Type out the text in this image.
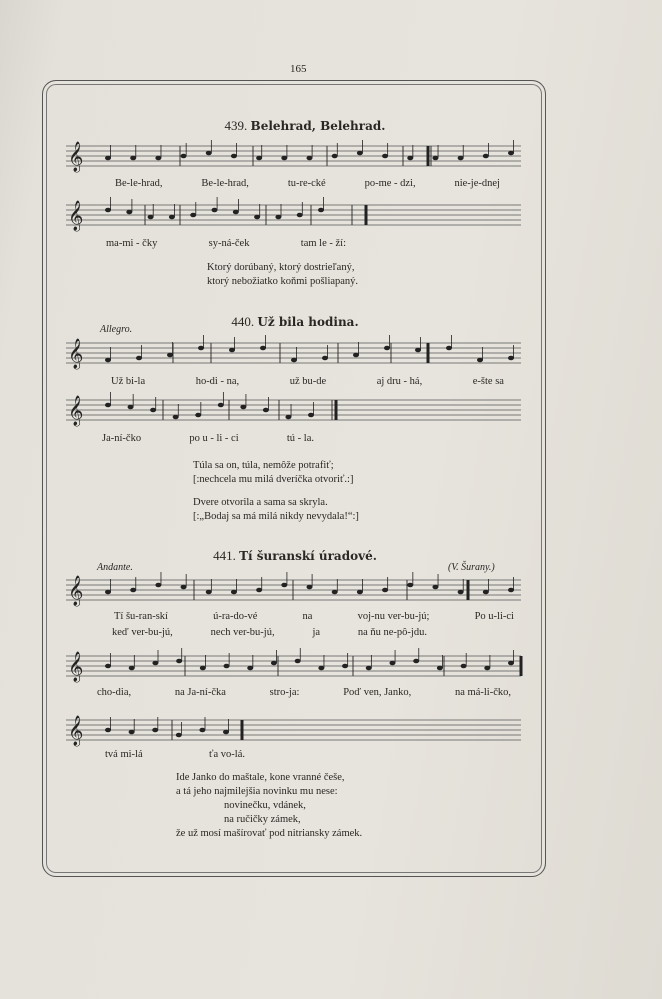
165
439. Belehrad, Belehrad.
𝄞
Be-le-hrad,	Be-le-hrad,	tu-re-cké	po-me - dzi,	nie-je-dnej
𝄞
ma-mi - čky	sy-ná-ček	tam le - ží:
Ktorý dorúbaný, ktorý dostrieľaný,
ktorý nebožiatko koňmi pošliapaný.
440. Už bila hodina.
Allegro.
𝄞
Už bi-la	ho-di - na,	už bu-de	aj dru - há,	e-šte sa
𝄞
Ja-ní-čko	po u - li - ci	tú - la.
Túla sa on, túla, nemôže potrafiť;
[:nechcela mu milá dveríčka otvoriť.:]
Dvere otvorila a sama sa skryla.
[:„Bodaj sa má milá nikdy nevydala!“:]
441. Tí šuranskí úradové.
Andante.	(V. Šurany.)
𝄞
Tí šu-ran-skí	ú-ra-do-vé	na	voj-nu ver-bu-jú;	Po u-li-ci
keď ver-bu-jú,	nech ver-bu-jú,	ja	na ňu ne-pô-jdu.
𝄞
cho-dia,	na Ja-ní-čka	stro-ja:	Poď ven, Janko,	na má-li-čko,
𝄞
tvá mi-lá	ťa vo-lá.
Ide Janko do maštale, kone vranné češe,
a tá jeho najmilejšia novinku mu nese:
novinečku, vdánek,
na ručičky zámek,
že už mosí mašírovať pod nitriansky zámek.
